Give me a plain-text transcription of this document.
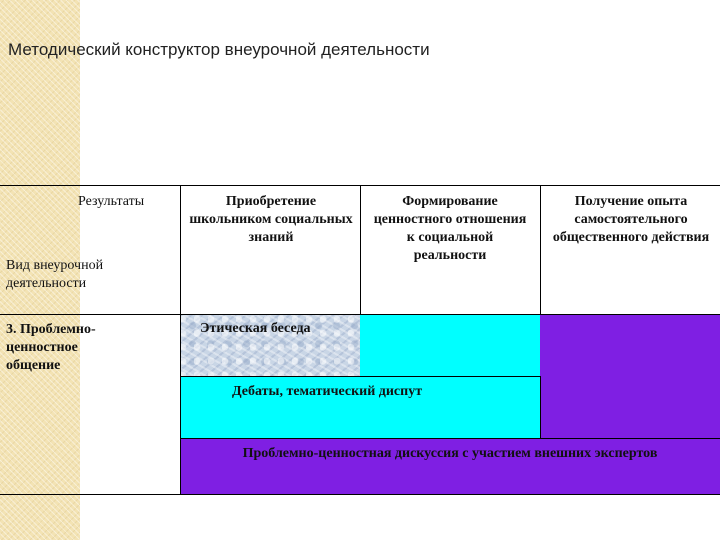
Методический конструктор внеурочной деятельности
Результаты
Вид внеурочной деятельности
Приобретение школьником социальных знаний
Формирование ценностного отношения к социальной реальности
Получение опыта самостоятельного общественного действия
3. Проблемно-ценностное общение
Этическая беседа
Дебаты, тематический диспут
Проблемно-ценностная дискуссия с участием внешних экспертов
